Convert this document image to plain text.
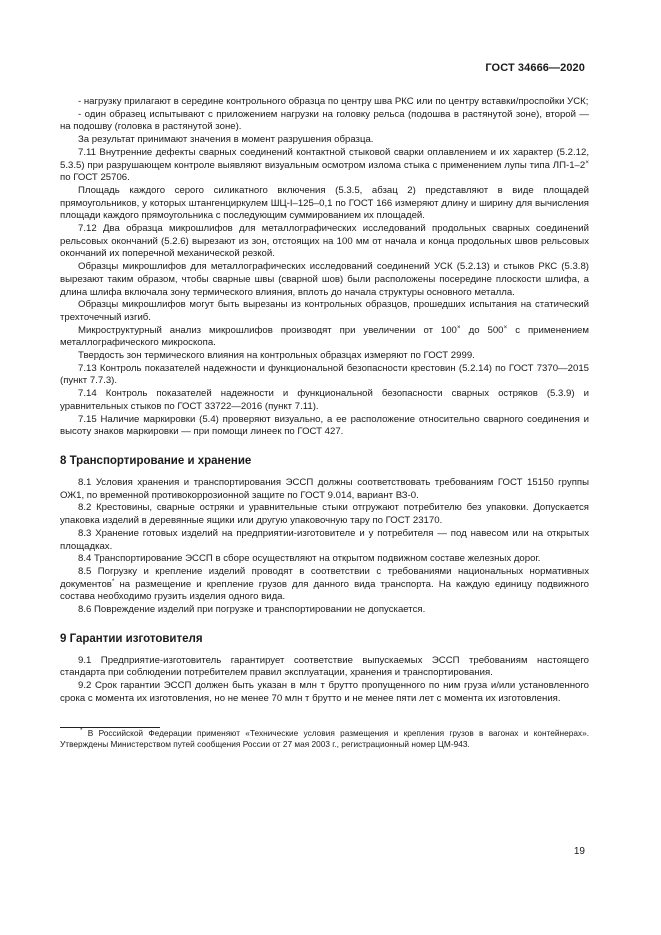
ГОСТ 34666—2020

- нагрузку прилагают в середине контрольного образца по центру шва РКС или по центру вставки/проспойки УСК;

- один образец испытывают с приложением нагрузки на головку рельса (подошва в растянутой зоне), второй — на подошву (головка в растянутой зоне).

За результат принимают значения в момент разрушения образца.

7.11 Внутренние дефекты сварных соединений контактной стыковой сварки оплавлением и их характер (5.2.12, 5.3.5) при разрушающем контроле выявляют визуальным осмотром излома стыка с применением лупы типа ЛП-1–2× по ГОСТ 25706.

Площадь каждого серого силикатного включения (5.3.5, абзац 2) представляют в виде площадей прямоугольников, у которых штангенциркулем ШЦ-I–125–0,1 по ГОСТ 166 измеряют длину и ширину для вычисления площади каждого прямоугольника с последующим суммированием их площадей.

7.12 Два образца микрошлифов для металлографических исследований продольных сварных соединений рельсовых окончаний (5.2.6) вырезают из зон, отстоящих на 100 мм от начала и конца продольных швов рельсовых окончаний их поперечной механической резкой.

Образцы микрошлифов для металлографических исследований соединений УСК (5.2.13) и стыков РКС (5.3.8) вырезают таким образом, чтобы сварные швы (сварной шов) были расположены посередине плоскости шлифа, а длина шлифа включала зону термического влияния, вплоть до начала структуры основного металла.

Образцы микрошлифов могут быть вырезаны из контрольных образцов, прошедших испытания на статический трехточечный изгиб.

Микроструктурный анализ микрошлифов производят при увеличении от 100× до 500× с применением металлографического микроскопа.

Твердость зон термического влияния на контрольных образцах измеряют по ГОСТ 2999.

7.13 Контроль показателей надежности и функциональной безопасности крестовин (5.2.14) по ГОСТ 7370—2015 (пункт 7.7.3).

7.14 Контроль показателей надежности и функциональной безопасности сварных остряков (5.3.9) и уравнительных стыков по ГОСТ 33722—2016 (пункт 7.11).

7.15 Наличие маркировки (5.4) проверяют визуально, а ее расположение относительно сварного соединения и высоту знаков маркировки — при помощи линеек по ГОСТ 427.

8 Транспортирование и хранение

8.1 Условия хранения и транспортирования ЭССП должны соответствовать требованиям ГОСТ 15150 группы ОЖ1, по временной противокоррозионной защите по ГОСТ 9.014, вариант ВЗ-0.

8.2 Крестовины, сварные остряки и уравнительные стыки отгружают потребителю без упаковки. Допускается упаковка изделий в деревянные ящики или другую упаковочную тару по ГОСТ 23170.

8.3 Хранение готовых изделий на предприятии-изготовителе и у потребителя — под навесом или на открытых площадках.

8.4 Транспортирование ЭССП в сборе осуществляют на открытом подвижном составе железных дорог.

8.5 Погрузку и крепление изделий проводят в соответствии с требованиями национальных нормативных документов* на размещение и крепление грузов для данного вида транспорта. На каждую единицу подвижного состава необходимо грузить изделия одного вида.

8.6 Повреждение изделий при погрузке и транспортировании не допускается.

9 Гарантии изготовителя

9.1 Предприятие-изготовитель гарантирует соответствие выпускаемых ЭССП требованиям настоящего стандарта при соблюдении потребителем правил эксплуатации, хранения и транспортирования.

9.2 Срок гарантии ЭССП должен быть указан в млн т брутто пропущенного по ним груза и/или установленного срока с момента их изготовления, но не менее 70 млн т брутто и не менее пяти лет с момента их изготовления.

* В Российской Федерации применяют «Технические условия размещения и крепления грузов в вагонах и контейнерах». Утверждены Министерством путей сообщения России от 27 мая 2003 г., регистрационный номер ЦМ-943.

19
